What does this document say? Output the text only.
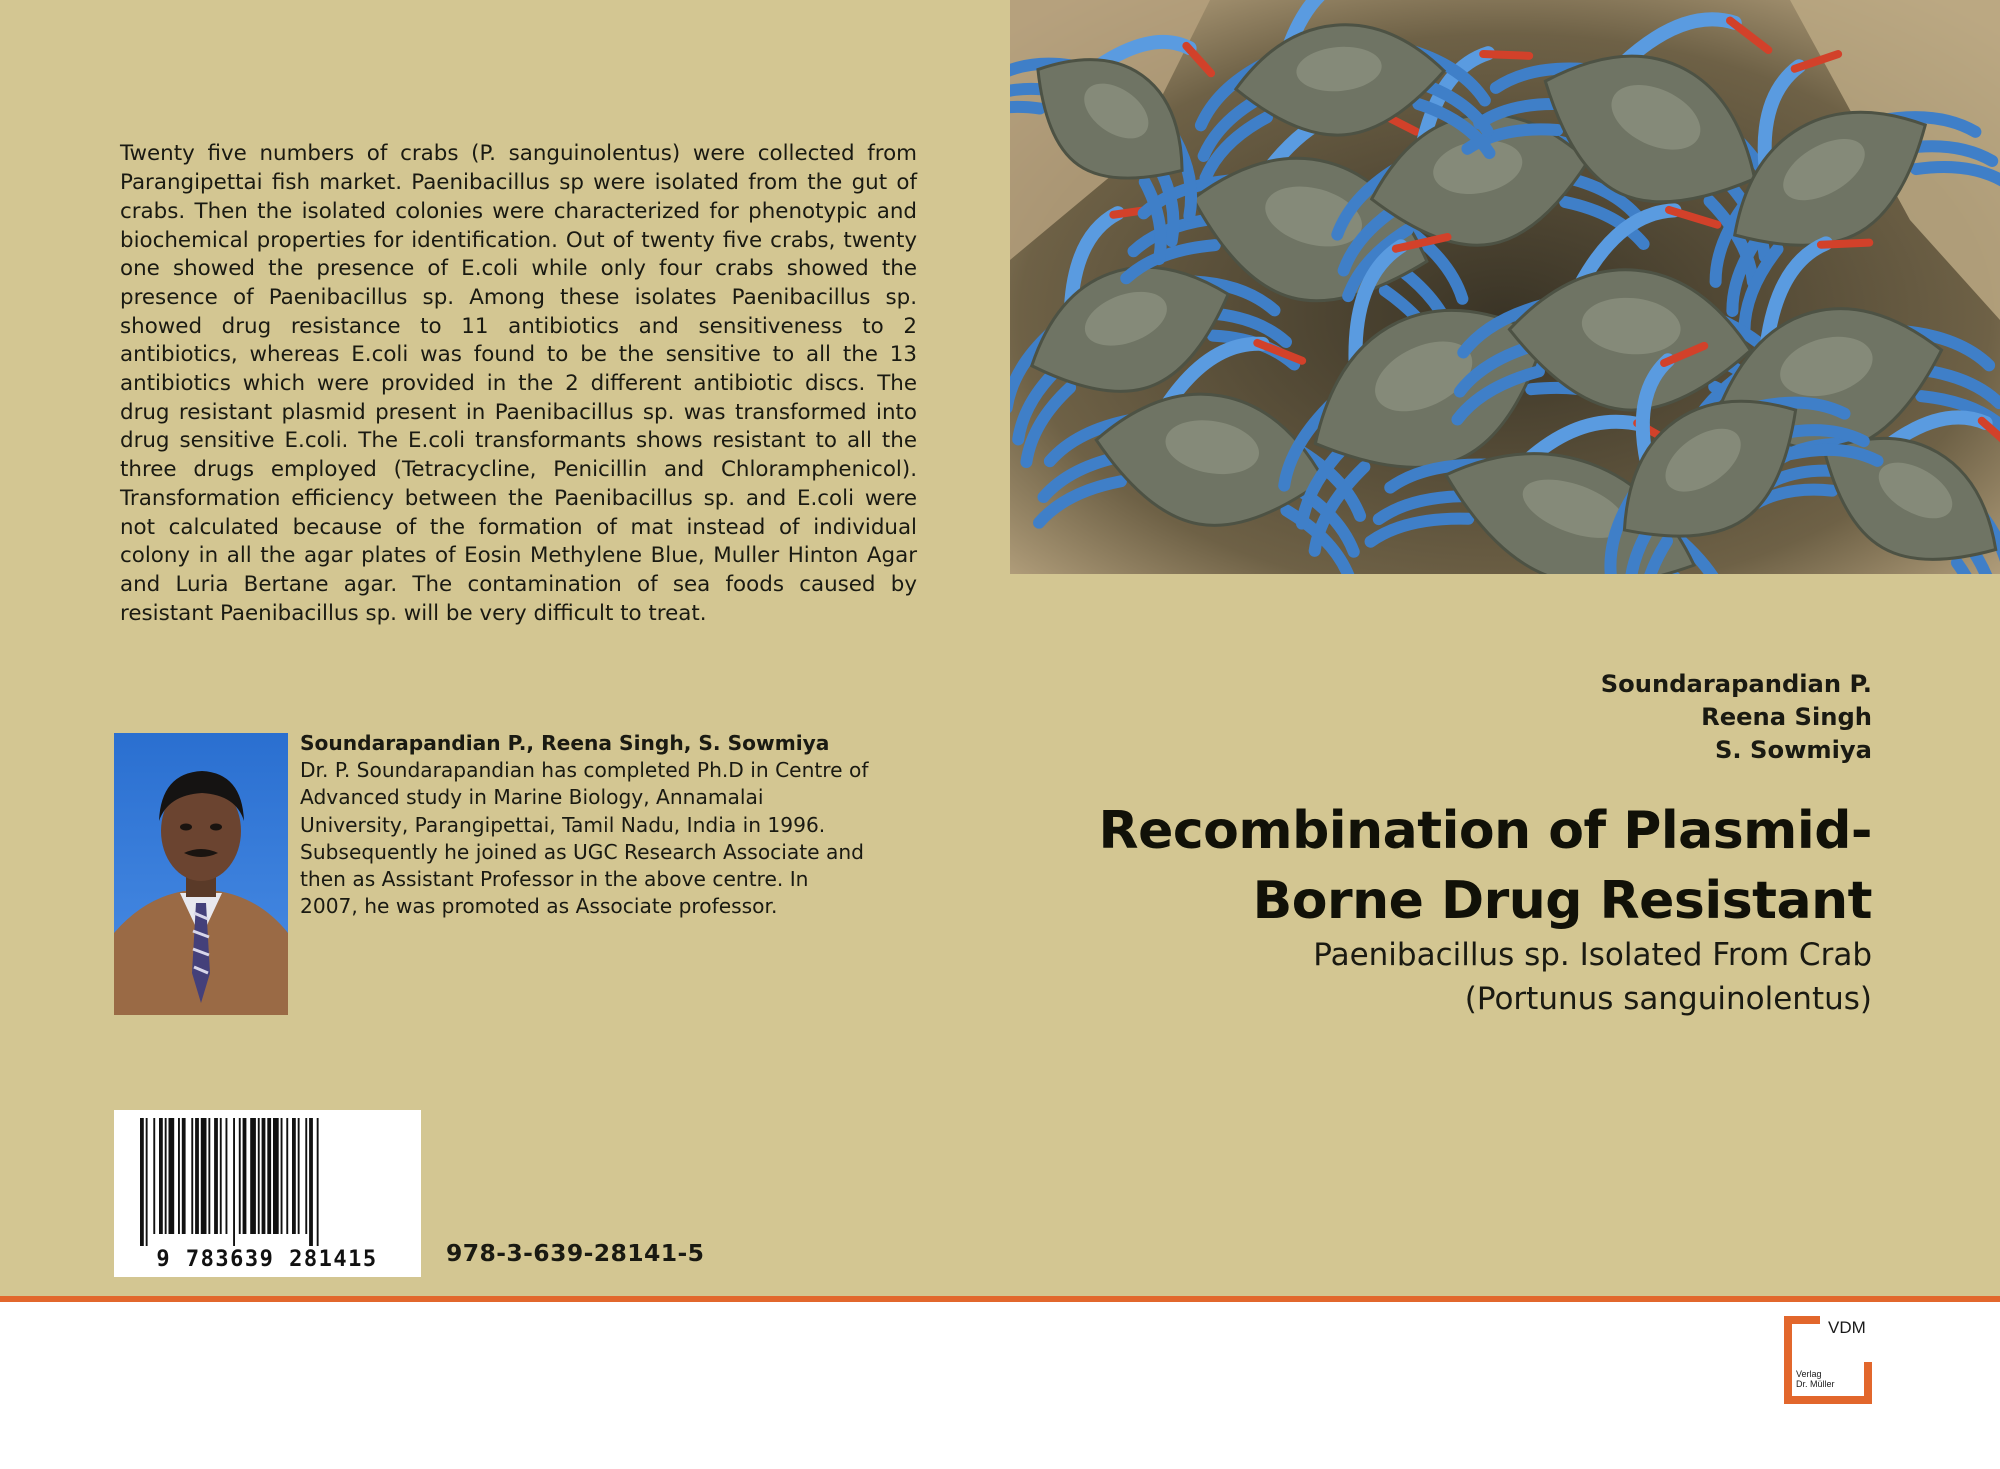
Twenty five numbers of crabs (P. sanguinolentus) were collected from Parangipettai fish market. Paenibacillus sp were isolated from the gut of crabs. Then the isolated colonies were characterized for phenotypic and biochemical properties for identification. Out of twenty five crabs, twenty one showed the presence of E.coli while only four crabs showed the presence of Paenibacillus sp. Among these isolates Paenibacillus sp. showed drug resistance to 11 antibiotics and sensitiveness to 2 antibiotics, whereas E.coli was found to be the sensitive to all the 13 antibiotics which were provided in the 2 different antibiotic discs. The drug resistant plasmid present in Paenibacillus sp. was transformed into drug sensitive E.coli. The E.coli transformants shows resistant to all the three drugs employed (Tetracycline, Penicillin and Chloramphenicol). Transformation efficiency between the Paenibacillus sp. and E.coli were not calculated because of the formation of mat instead of individual colony in all the agar plates of Eosin Methylene Blue, Muller Hinton Agar and Luria Bertane agar. The contamination of sea foods caused by resistant Paenibacillus sp. will be very difficult to treat.

Soundarapandian P., Reena Singh, S. Sowmiya
Dr. P. Soundarapandian has completed Ph.D in Centre of Advanced study in Marine Biology, Annamalai University, Parangipettai, Tamil Nadu, India in 1996. Subsequently he joined as UGC Research Associate and then as Assistant Professor in the above centre. In 2007, he was promoted as Associate professor.
9 783639 281415	978-3-639-28141-5
Soundarapandian P.
Reena Singh
S. Sowmiya
Recombination of Plasmid-
Borne Drug Resistant
Paenibacillus sp. Isolated From Crab
(Portunus sanguinolentus)
VDM
Verlag
Dr. Müller
